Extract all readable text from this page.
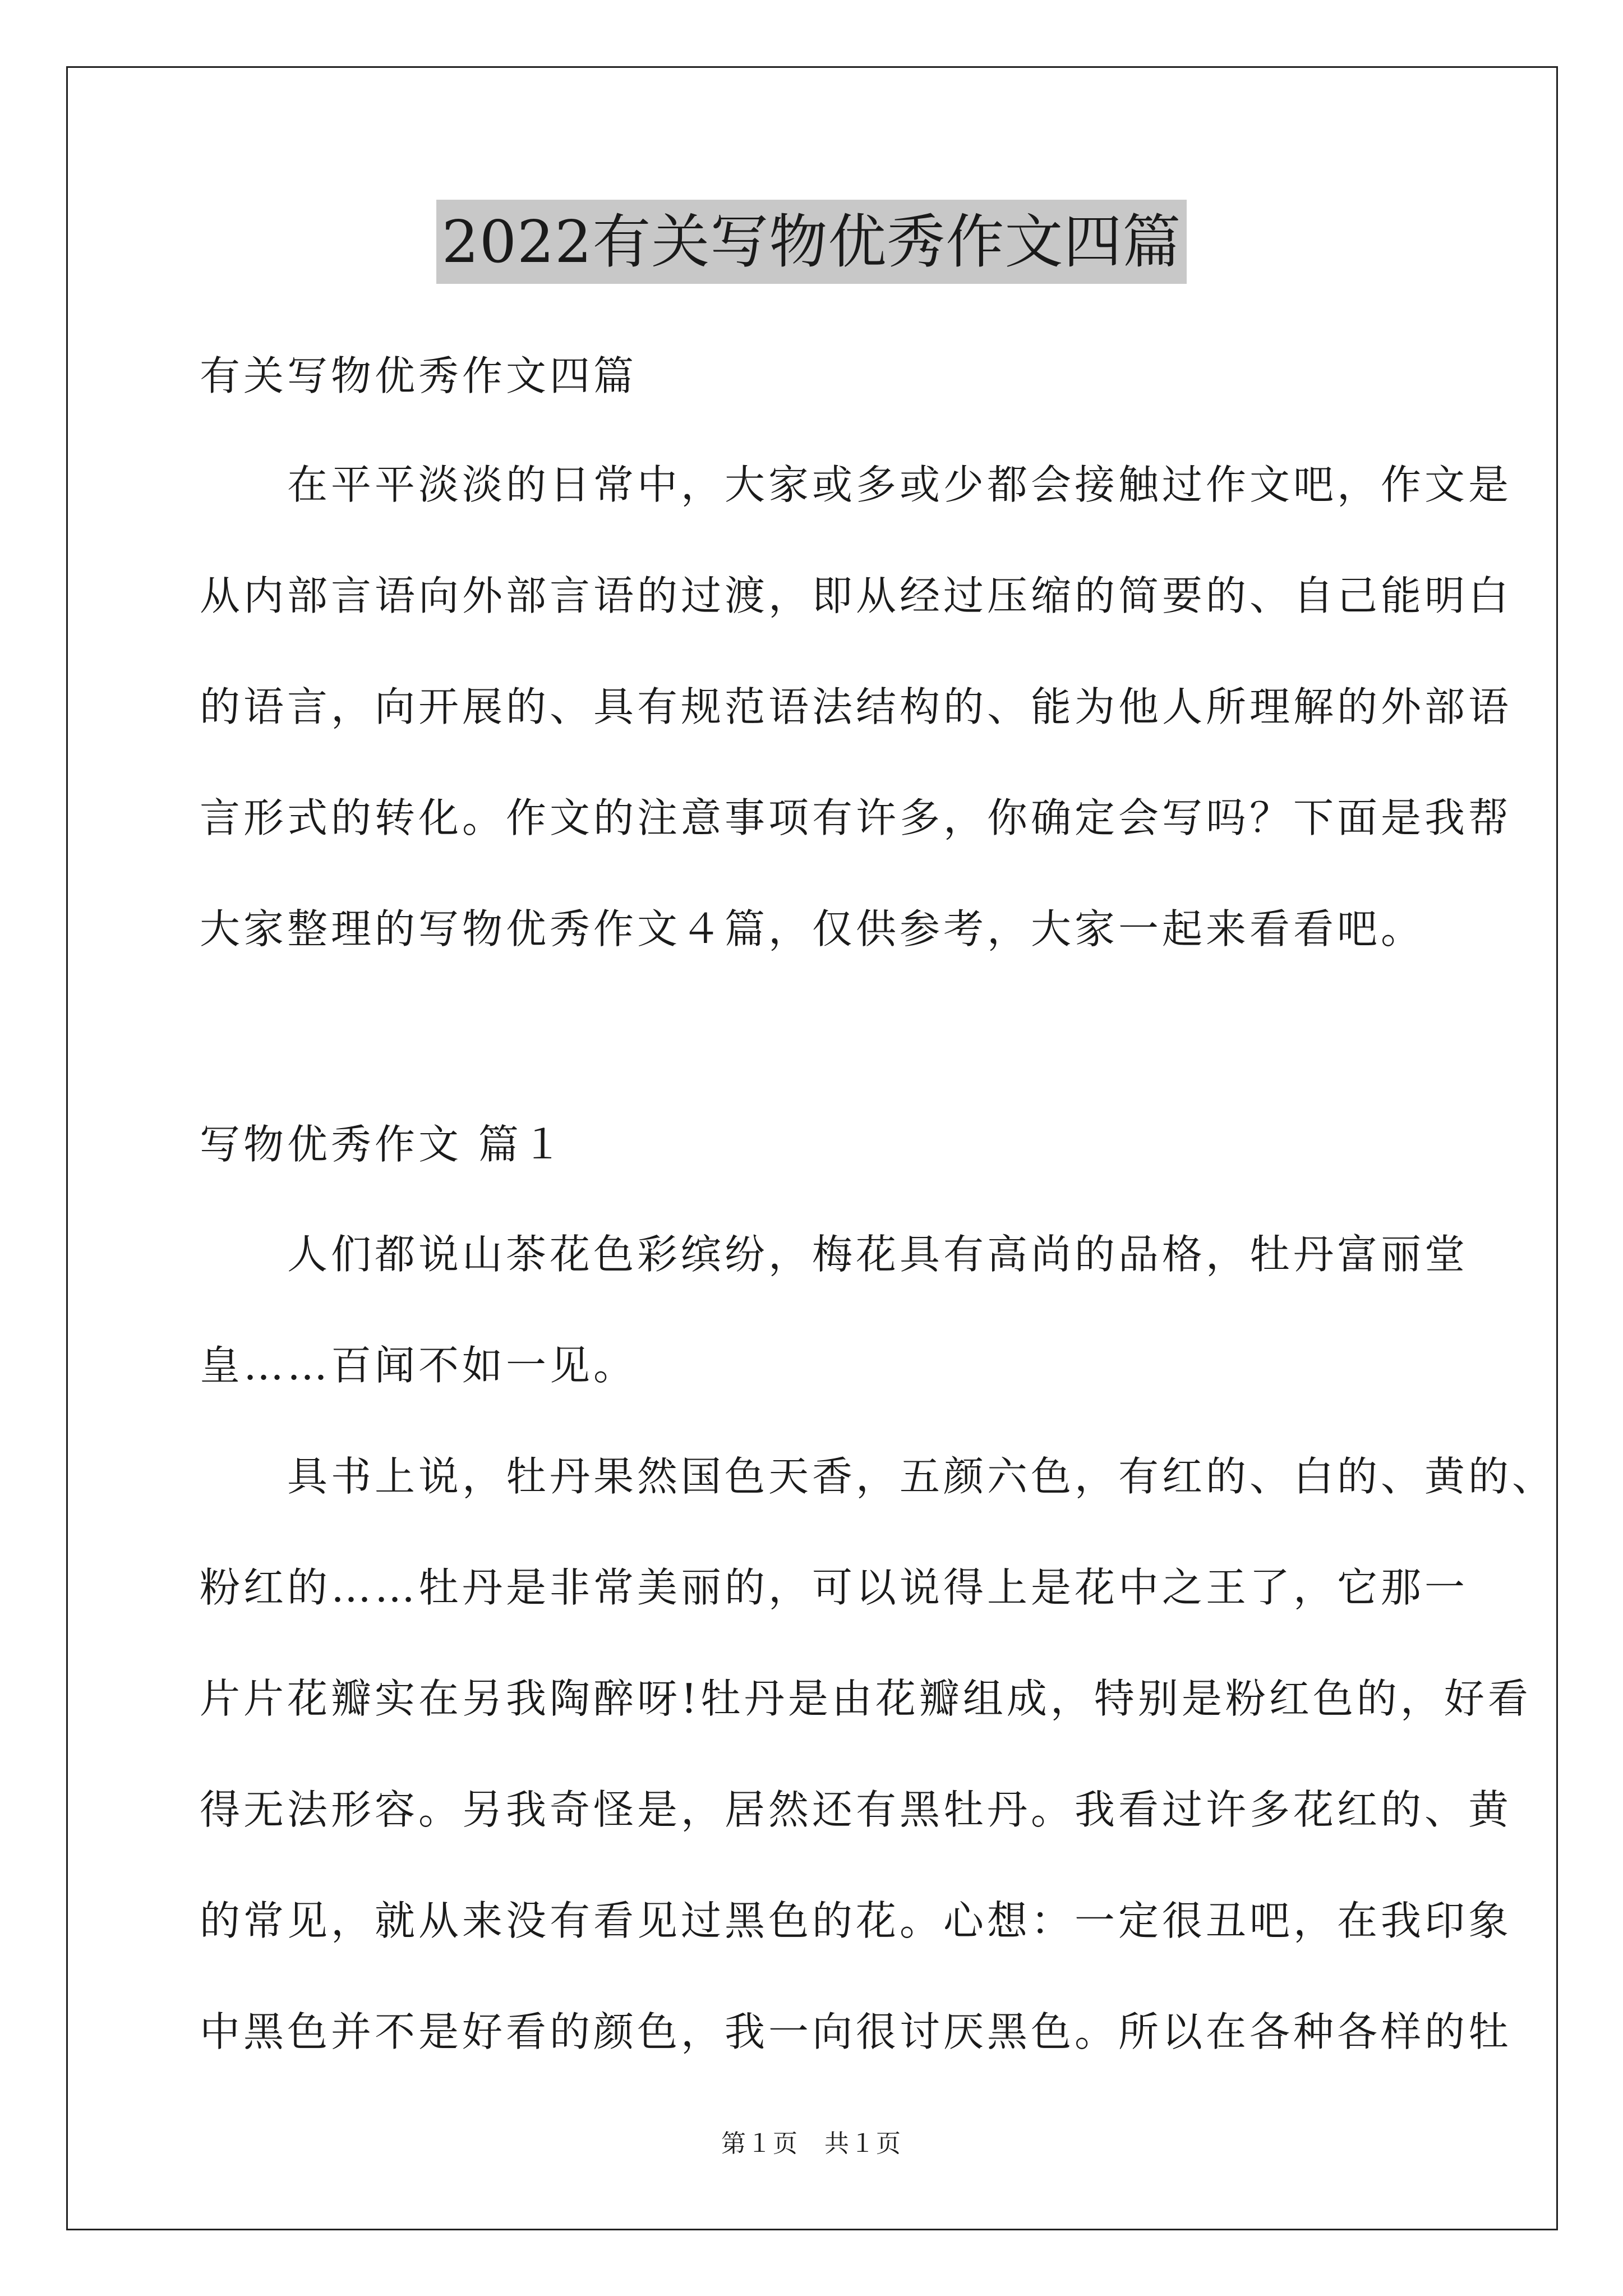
2022有关写物优秀作文四篇
有关写物优秀作文四篇
　　在平平淡淡的日常中，大家或多或少都会接触过作文吧，作文是
从内部言语向外部言语的过渡，即从经过压缩的简要的、自己能明白
的语言，向开展的、具有规范语法结构的、能为他人所理解的外部语
言形式的转化。作文的注意事项有许多，你确定会写吗？下面是我帮
大家整理的写物优秀作文４篇，仅供参考，大家一起来看看吧。
写物优秀作文 篇１
　　人们都说山茶花色彩缤纷，梅花具有高尚的品格，牡丹富丽堂
皇……百闻不如一见。
　　具书上说，牡丹果然国色天香，五颜六色，有红的、白的、黄的、
粉红的……牡丹是非常美丽的，可以说得上是花中之王了，它那一
片片花瓣实在另我陶醉呀!牡丹是由花瓣组成，特别是粉红色的，好看
得无法形容。另我奇怪是，居然还有黑牡丹。我看过许多花红的、黄
的常见，就从来没有看见过黑色的花。心想：一定很丑吧，在我印象
中黑色并不是好看的颜色，我一向很讨厌黑色。所以在各种各样的牡
第１页　共１页
